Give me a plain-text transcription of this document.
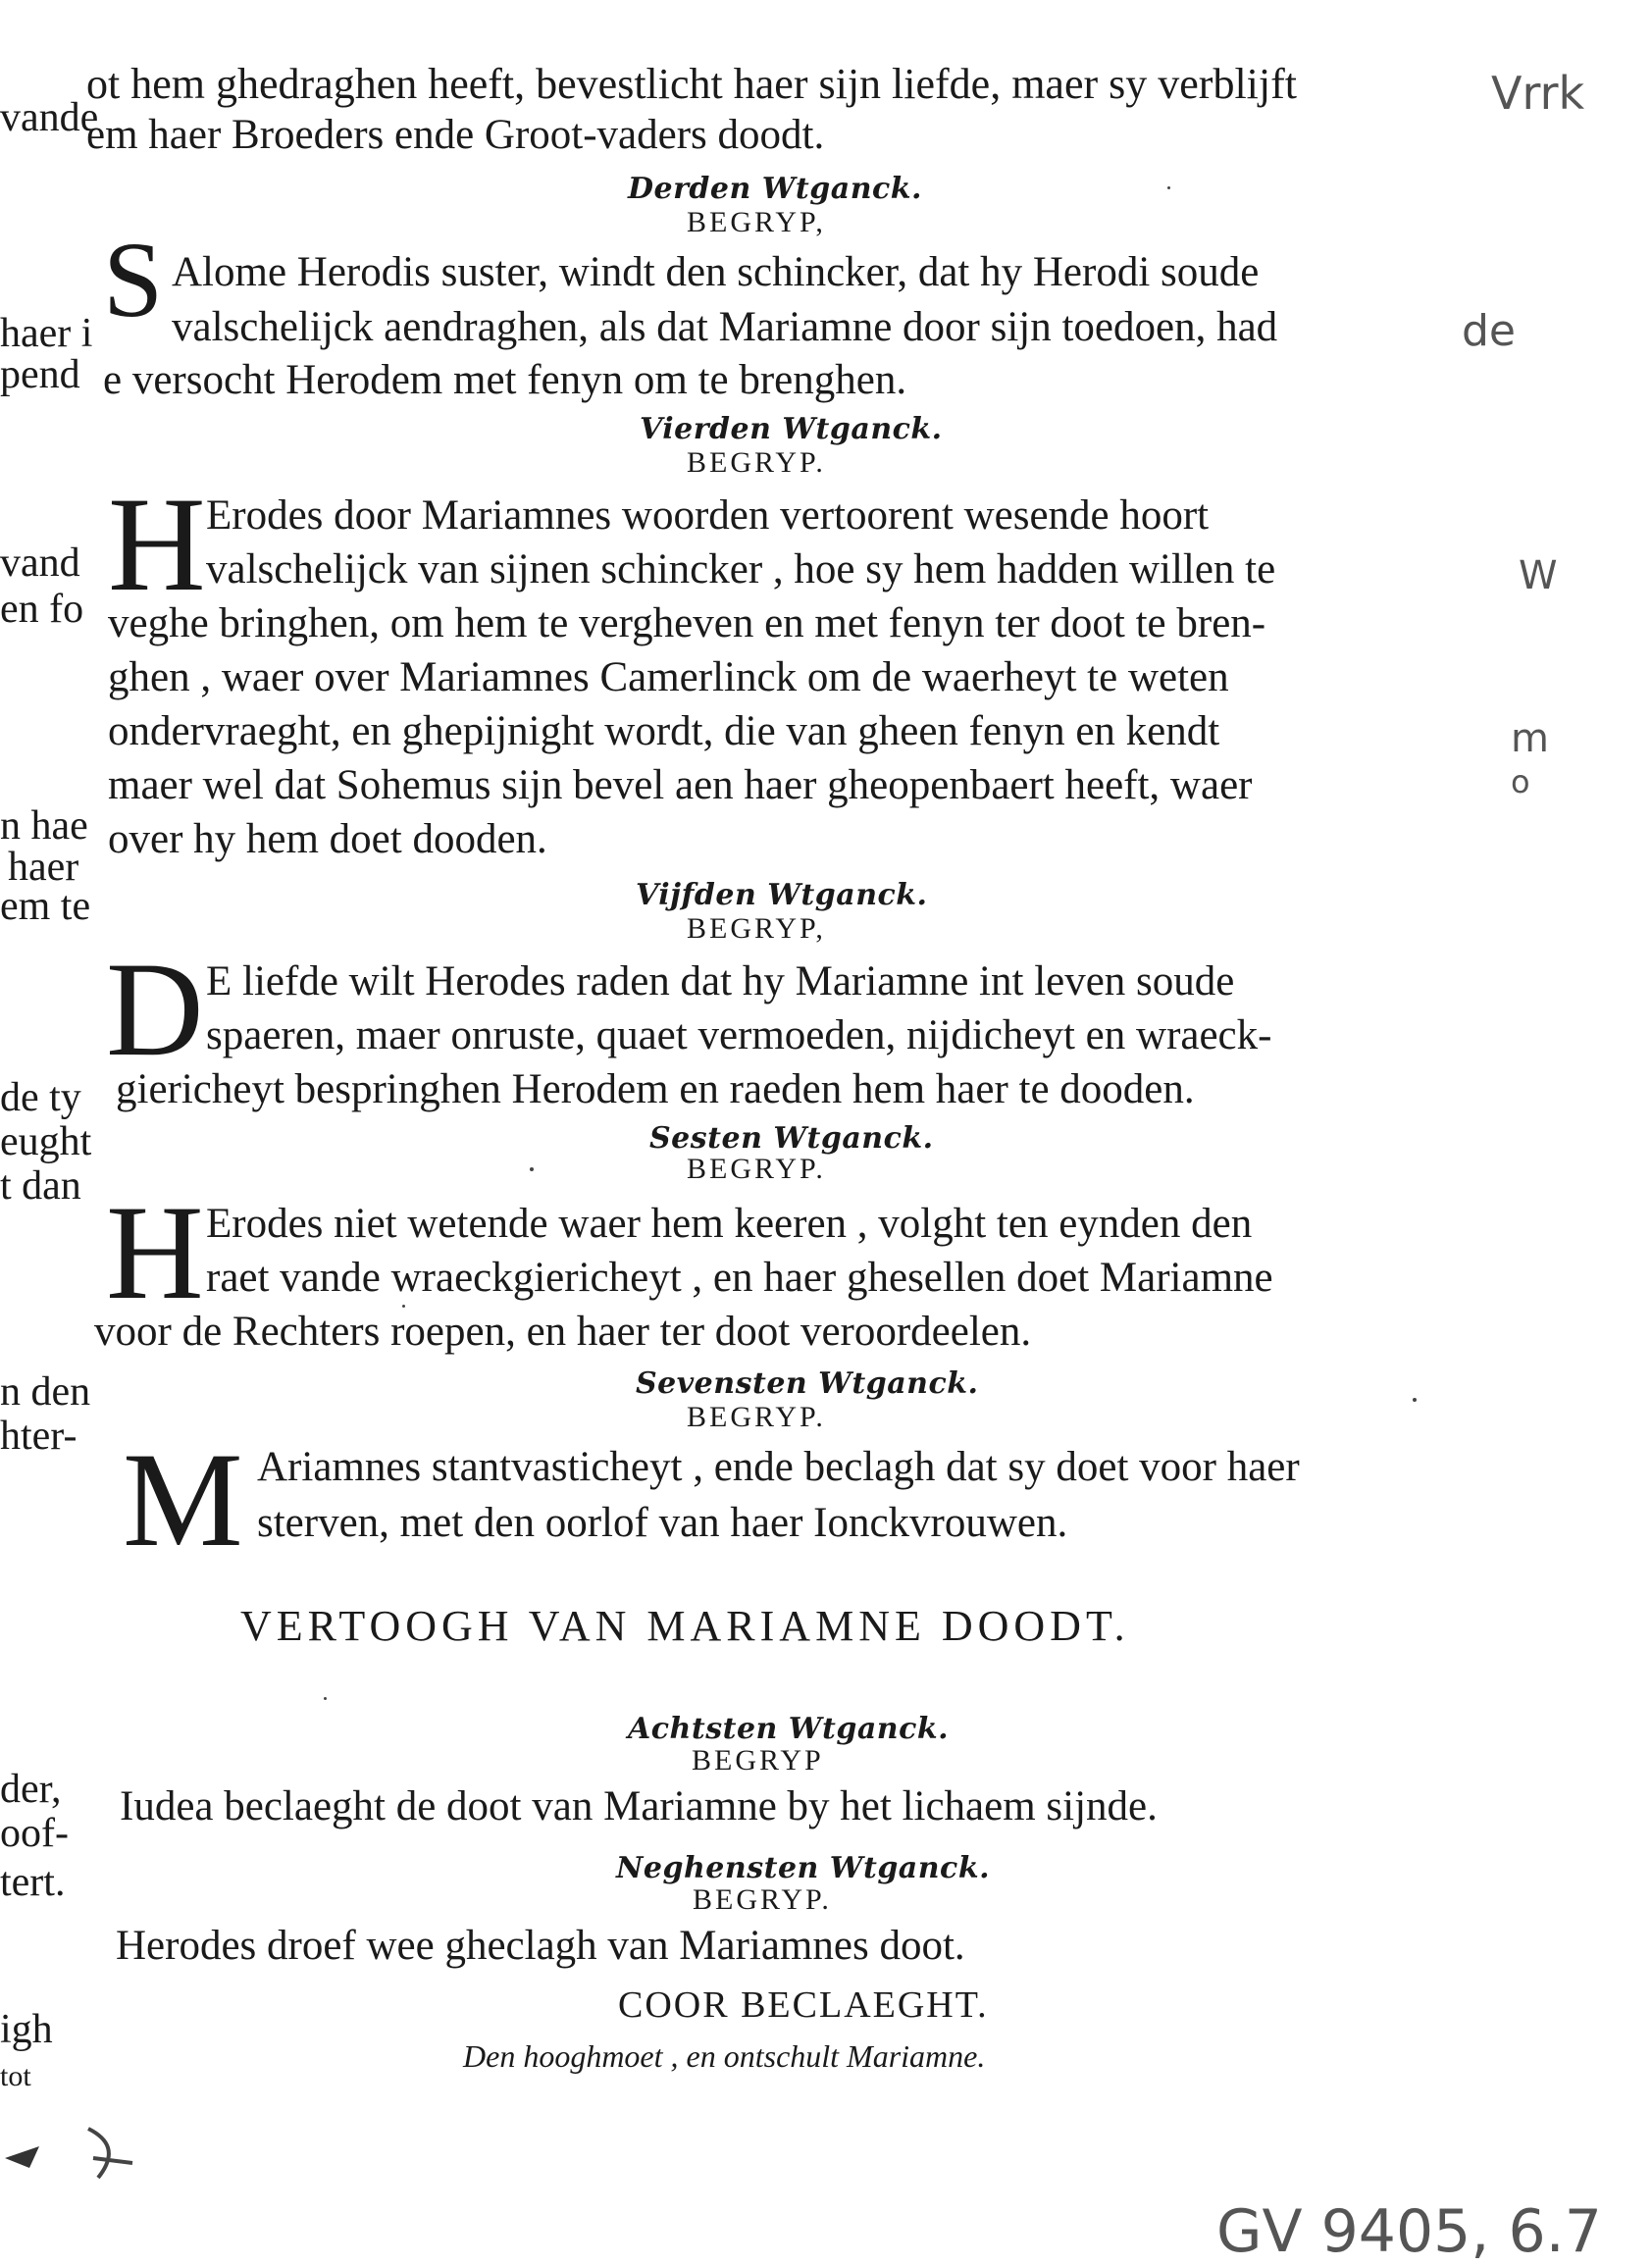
vande
haer i
pend
vand
en fo
n hae
haer
em te
de ty
eught
t dan
n den
hter-
der,
oof-
tert.
igh
tot
Vrrk
de
W
m
o
GV 9405, 6.7
ot hem ghedraghen heeft, bevestlicht haer sijn liefde, maer sy verblijft
em haer Broeders ende Groot-vaders doodt.
Derden Wtganck.
BEGRYP,
S Alome Herodis suster, windt den schincker, dat hy Herodi soude
valschelijck aendraghen, als dat Mariamne door sijn toedoen, had
e versocht Herodem met fenyn om te brenghen.
Vierden Wtganck.
BEGRYP.
H Erodes door Mariamnes woorden vertoorent wesende hoort
valschelijck van sijnen schincker , hoe sy hem hadden willen te
veghe bringhen, om hem te vergheven en met fenyn ter doot te bren-
ghen , waer over Mariamnes Camerlinck om de waerheyt te weten
ondervraeght, en ghepijnight wordt, die van gheen fenyn en kendt
maer wel dat Sohemus sijn bevel aen haer gheopenbaert heeft, waer
over hy hem doet dooden.
Vijfden Wtganck.
BEGRYP,
D E liefde wilt Herodes raden dat hy Mariamne int leven soude
spaeren, maer onruste, quaet vermoeden, nijdicheyt en wraeck-
giericheyt bespringhen Herodem en raeden hem haer te dooden.
Sesten Wtganck.
BEGRYP.
H Erodes niet wetende waer hem keeren , volght ten eynden den
raet vande wraeckgiericheyt , en haer ghesellen doet Mariamne
voor de Rechters roepen, en haer ter doot veroordeelen.
Sevensten Wtganck.
BEGRYP.
M Ariamnes stantvasticheyt , ende beclagh dat sy doet voor haer
sterven, met den oorlof van haer Ionckvrouwen.
VERTOOGH VAN MARIAMNE DOODT.
Achtsten Wtganck.
BEGRYP
Iudea beclaeght de doot van Mariamne by het lichaem sijnde.
Neghensten Wtganck.
BEGRYP.
Herodes droef wee gheclagh van Mariamnes doot.
COOR BECLAEGHT.
Den hooghmoet , en ontschult Mariamne.
